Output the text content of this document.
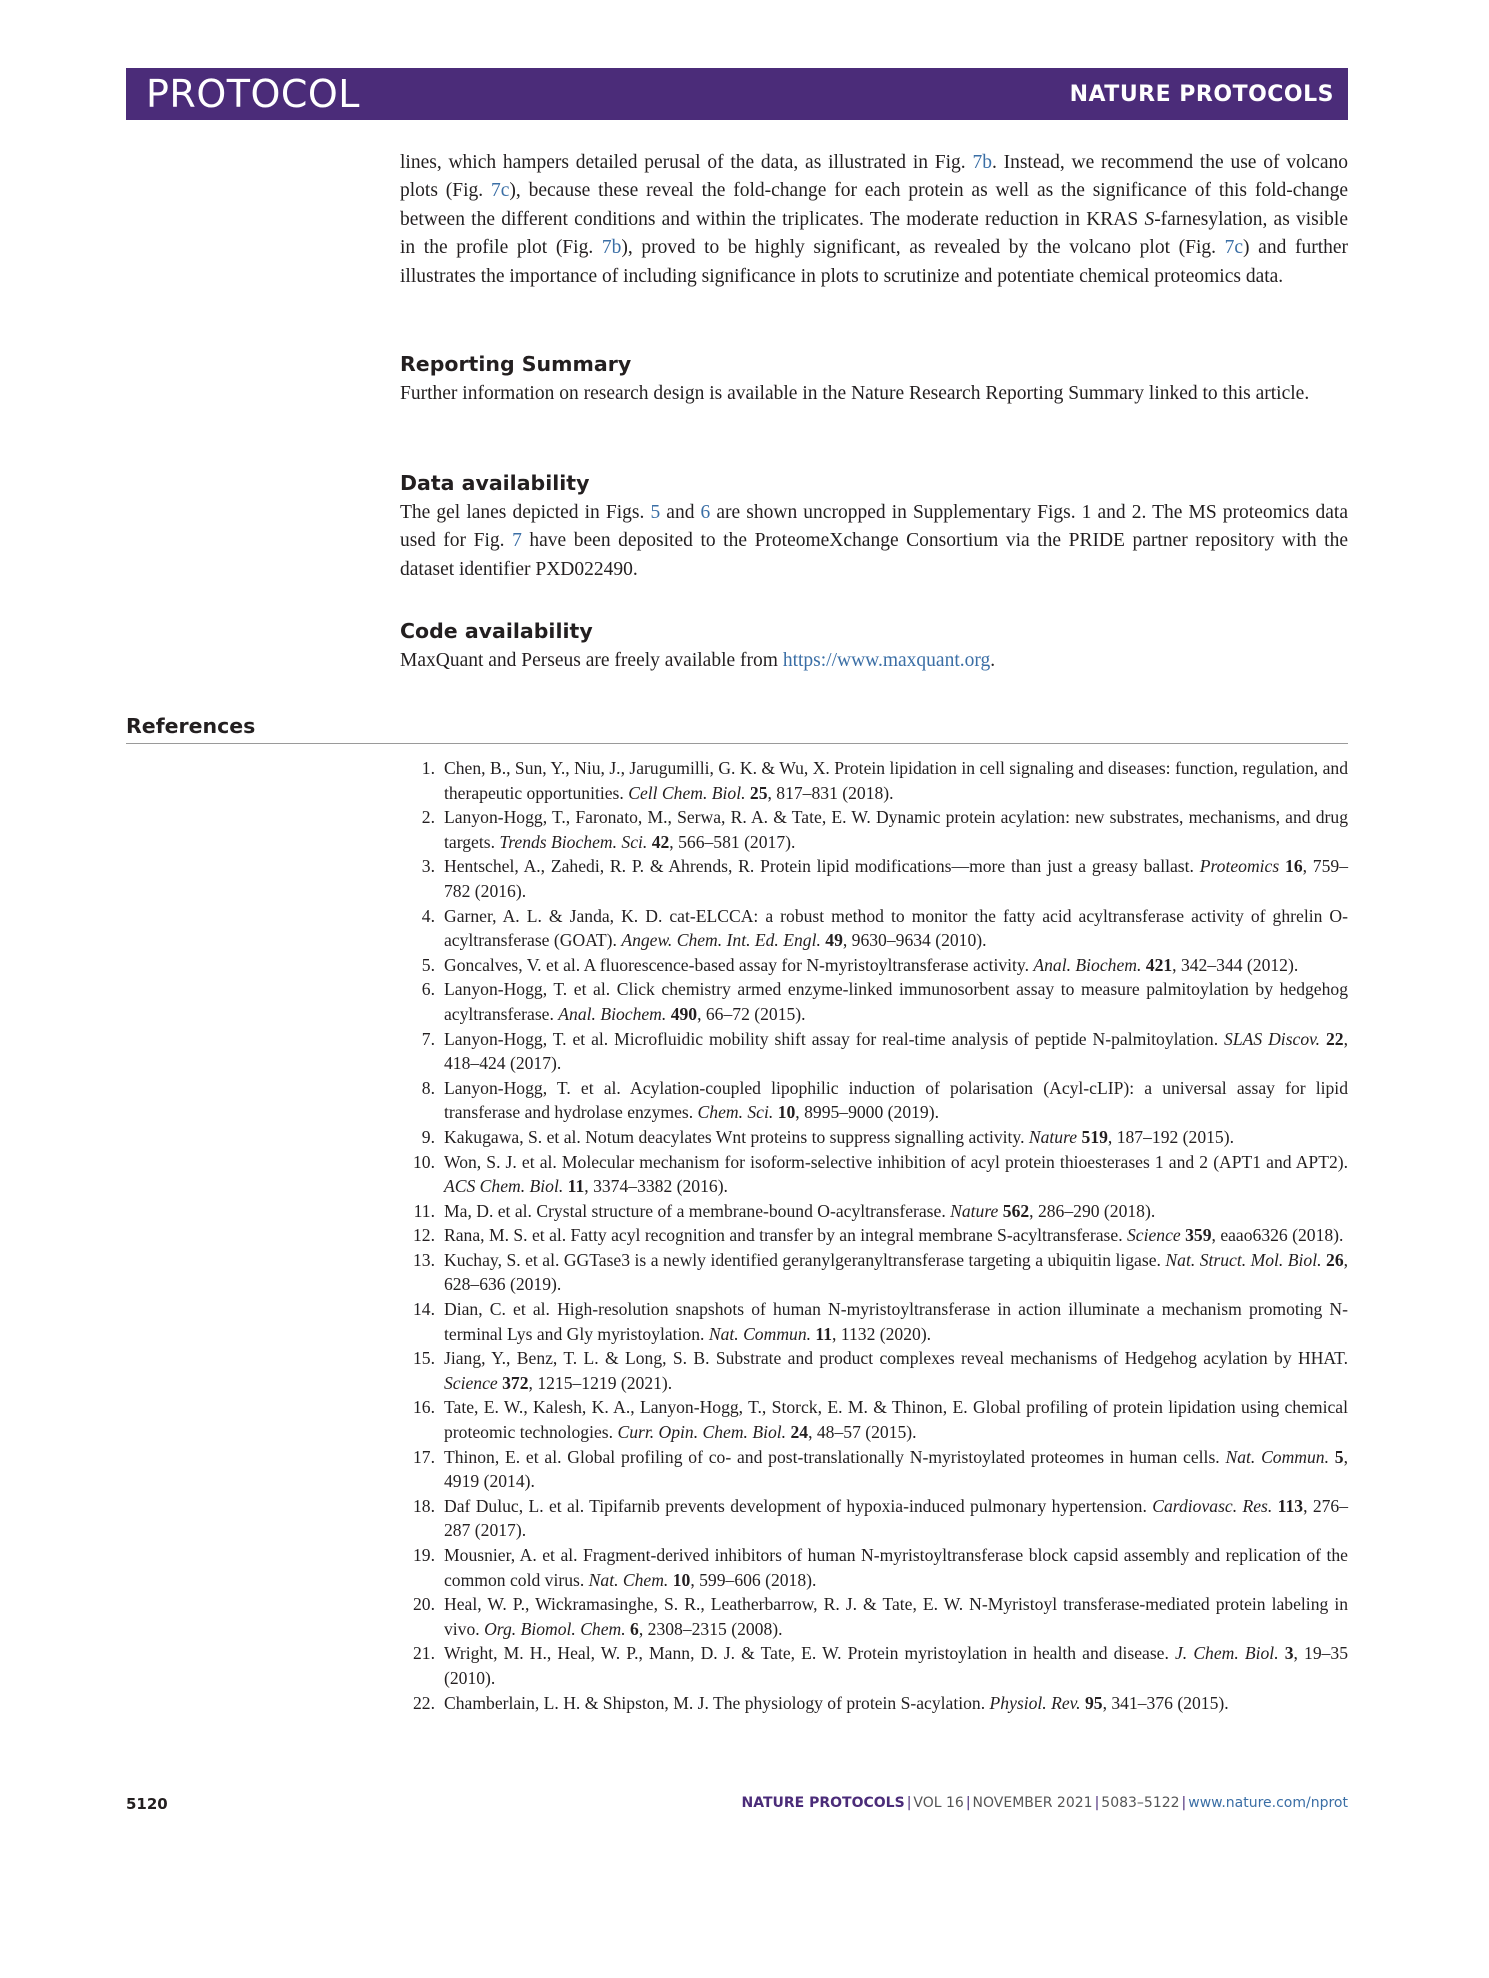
PROTOCOL	NATURE PROTOCOLS

lines, which hampers detailed perusal of the data, as illustrated in Fig. 7b. Instead, we recommend the use of volcano plots (Fig. 7c), because these reveal the fold-change for each protein as well as the significance of this fold-change between the different conditions and within the triplicates. The moderate reduction in KRAS S-farnesylation, as visible in the profile plot (Fig. 7b), proved to be highly significant, as revealed by the volcano plot (Fig. 7c) and further illustrates the importance of including significance in plots to scrutinize and potentiate chemical proteomics data.

Reporting Summary

Further information on research design is available in the Nature Research Reporting Summary linked to this article.

Data availability

The gel lanes depicted in Figs. 5 and 6 are shown uncropped in Supplementary Figs. 1 and 2. The MS proteomics data used for Fig. 7 have been deposited to the ProteomeXchange Consortium via the PRIDE partner repository with the dataset identifier PXD022490.

Code availability

MaxQuant and Perseus are freely available from https://www.maxquant.org.

References
1. Chen, B., Sun, Y., Niu, J., Jarugumilli, G. K. & Wu, X. Protein lipidation in cell signaling and diseases: function, regulation, and therapeutic opportunities. Cell Chem. Biol. 25, 817–831 (2018).
2. Lanyon-Hogg, T., Faronato, M., Serwa, R. A. & Tate, E. W. Dynamic protein acylation: new substrates, mechanisms, and drug targets. Trends Biochem. Sci. 42, 566–581 (2017).
3. Hentschel, A., Zahedi, R. P. & Ahrends, R. Protein lipid modifications—more than just a greasy ballast. Proteomics 16, 759–782 (2016).
4. Garner, A. L. & Janda, K. D. cat-ELCCA: a robust method to monitor the fatty acid acyltransferase activity of ghrelin O-acyltransferase (GOAT). Angew. Chem. Int. Ed. Engl. 49, 9630–9634 (2010).
5. Goncalves, V. et al. A fluorescence-based assay for N-myristoyltransferase activity. Anal. Biochem. 421, 342–344 (2012).
6. Lanyon-Hogg, T. et al. Click chemistry armed enzyme-linked immunosorbent assay to measure palmitoylation by hedgehog acyltransferase. Anal. Biochem. 490, 66–72 (2015).
7. Lanyon-Hogg, T. et al. Microfluidic mobility shift assay for real-time analysis of peptide N-palmitoylation. SLAS Discov. 22, 418–424 (2017).
8. Lanyon-Hogg, T. et al. Acylation-coupled lipophilic induction of polarisation (Acyl-cLIP): a universal assay for lipid transferase and hydrolase enzymes. Chem. Sci. 10, 8995–9000 (2019).
9. Kakugawa, S. et al. Notum deacylates Wnt proteins to suppress signalling activity. Nature 519, 187–192 (2015).
10. Won, S. J. et al. Molecular mechanism for isoform-selective inhibition of acyl protein thioesterases 1 and 2 (APT1 and APT2). ACS Chem. Biol. 11, 3374–3382 (2016).
11. Ma, D. et al. Crystal structure of a membrane-bound O-acyltransferase. Nature 562, 286–290 (2018).
12. Rana, M. S. et al. Fatty acyl recognition and transfer by an integral membrane S-acyltransferase. Science 359, eaao6326 (2018).
13. Kuchay, S. et al. GGTase3 is a newly identified geranylgeranyltransferase targeting a ubiquitin ligase. Nat. Struct. Mol. Biol. 26, 628–636 (2019).
14. Dian, C. et al. High-resolution snapshots of human N-myristoyltransferase in action illuminate a mechanism promoting N-terminal Lys and Gly myristoylation. Nat. Commun. 11, 1132 (2020).
15. Jiang, Y., Benz, T. L. & Long, S. B. Substrate and product complexes reveal mechanisms of Hedgehog acylation by HHAT. Science 372, 1215–1219 (2021).
16. Tate, E. W., Kalesh, K. A., Lanyon-Hogg, T., Storck, E. M. & Thinon, E. Global profiling of protein lipidation using chemical proteomic technologies. Curr. Opin. Chem. Biol. 24, 48–57 (2015).
17. Thinon, E. et al. Global profiling of co- and post-translationally N-myristoylated proteomes in human cells. Nat. Commun. 5, 4919 (2014).
18. Daf Duluc, L. et al. Tipifarnib prevents development of hypoxia-induced pulmonary hypertension. Cardiovasc. Res. 113, 276–287 (2017).
19. Mousnier, A. et al. Fragment-derived inhibitors of human N-myristoyltransferase block capsid assembly and replication of the common cold virus. Nat. Chem. 10, 599–606 (2018).
20. Heal, W. P., Wickramasinghe, S. R., Leatherbarrow, R. J. & Tate, E. W. N-Myristoyl transferase-mediated protein labeling in vivo. Org. Biomol. Chem. 6, 2308–2315 (2008).
21. Wright, M. H., Heal, W. P., Mann, D. J. & Tate, E. W. Protein myristoylation in health and disease. J. Chem. Biol. 3, 19–35 (2010).
22. Chamberlain, L. H. & Shipston, M. J. The physiology of protein S-acylation. Physiol. Rev. 95, 341–376 (2015).
5120	NATURE PROTOCOLS | VOL 16 | NOVEMBER 2021 | 5083–5122 | www.nature.com/nprot
